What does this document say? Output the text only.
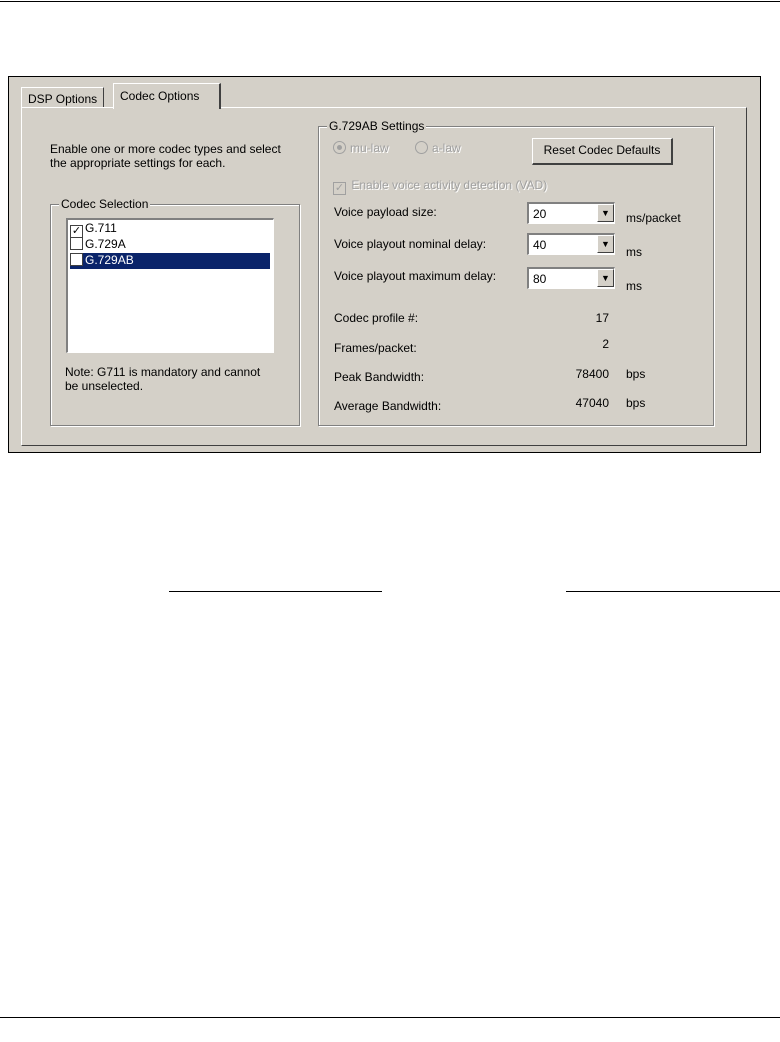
DSP Options	Codec Options
Enable one or more codec types and select the appropriate settings for each.
Codec Selection
✓ G.711
G.729A
G.729AB
Note: G711 is mandatory and cannot be unselected.
G.729AB Settings
mu-law	a-law	Reset Codec Defaults
✓ Enable voice activity detection (VAD)
Voice payload size:	20	▼	ms/packet
Voice playout nominal delay:	40	▼
ms
Voice playout maximum delay:	80	▼
ms
Codec profile #:	17
Frames/packet:	2
Peak Bandwidth:	78400 bps
Average Bandwidth:	47040 bps
